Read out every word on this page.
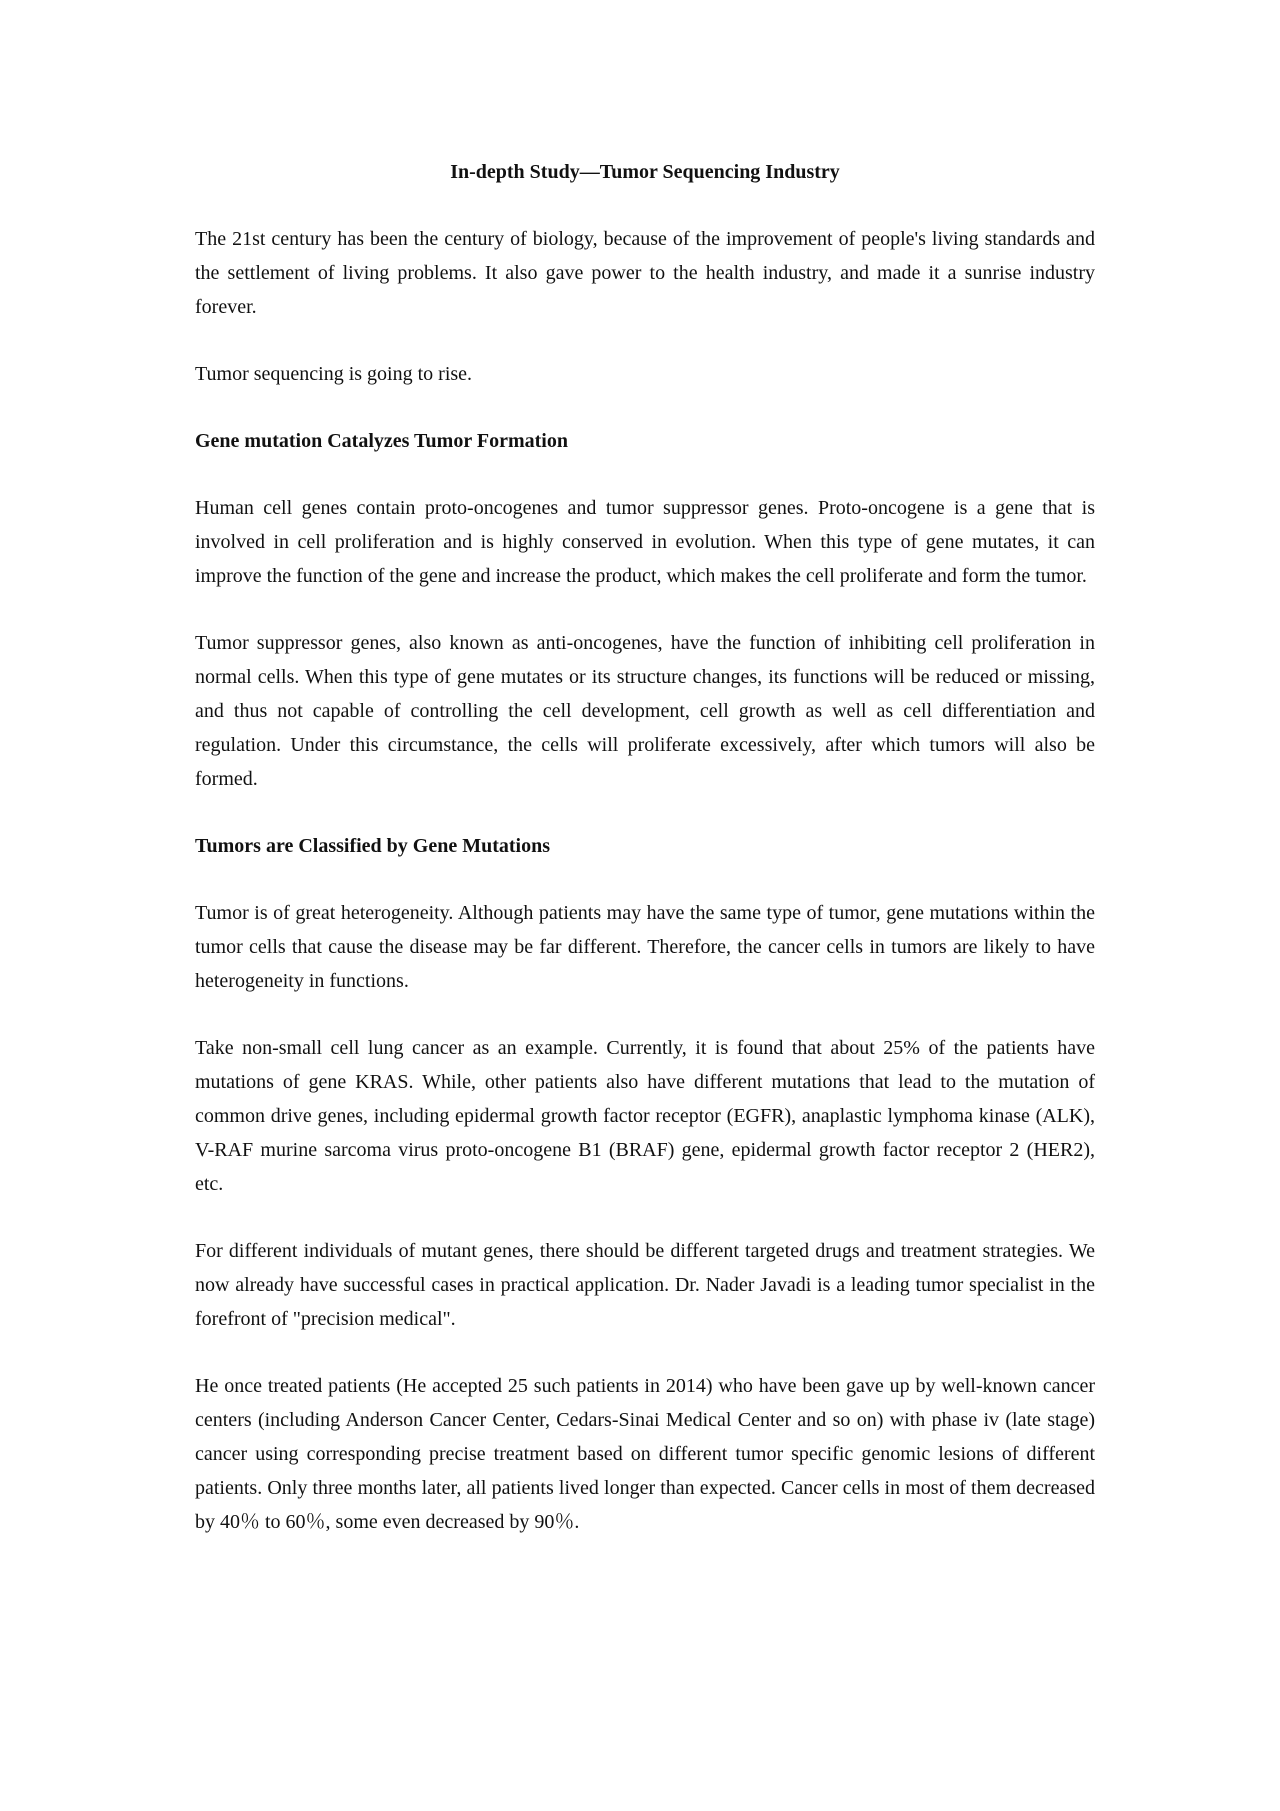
In-depth Study—Tumor Sequencing Industry

The 21st century has been the century of biology, because of the improvement of people's living standards and the settlement of living problems. It also gave power to the health industry, and made it a sunrise industry forever.

Tumor sequencing is going to rise.

Gene mutation Catalyzes Tumor Formation

Human cell genes contain proto-oncogenes and tumor suppressor genes. Proto-oncogene is a gene that is involved in cell proliferation and is highly conserved in evolution. When this type of gene mutates, it can improve the function of the gene and increase the product, which makes the cell proliferate and form the tumor.

Tumor suppressor genes, also known as anti-oncogenes, have the function of inhibiting cell proliferation in normal cells. When this type of gene mutates or its structure changes, its functions will be reduced or missing, and thus not capable of controlling the cell development, cell growth as well as cell differentiation and regulation. Under this circumstance, the cells will proliferate excessively, after which tumors will also be formed.

Tumors are Classified by Gene Mutations

Tumor is of great heterogeneity. Although patients may have the same type of tumor, gene mutations within the tumor cells that cause the disease may be far different. Therefore, the cancer cells in tumors are likely to have heterogeneity in functions.

Take non-small cell lung cancer as an example. Currently, it is found that about 25% of the patients have mutations of gene KRAS. While, other patients also have different mutations that lead to the mutation of common drive genes, including epidermal growth factor receptor (EGFR), anaplastic lymphoma kinase (ALK), V-RAF murine sarcoma virus proto-oncogene B1 (BRAF) gene, epidermal growth factor receptor 2 (HER2), etc.

For different individuals of mutant genes, there should be different targeted drugs and treatment strategies. We now already have successful cases in practical application. Dr. Nader Javadi is a leading tumor specialist in the forefront of "precision medical".

He once treated patients (He accepted 25 such patients in 2014) who have been gave up by well-known cancer centers (including Anderson Cancer Center, Cedars-Sinai Medical Center and so on) with phase iv (late stage) cancer using corresponding precise treatment based on different tumor specific genomic lesions of different patients. Only three months later, all patients lived longer than expected. Cancer cells in most of them decreased by 40％ to 60％, some even decreased by 90％.
